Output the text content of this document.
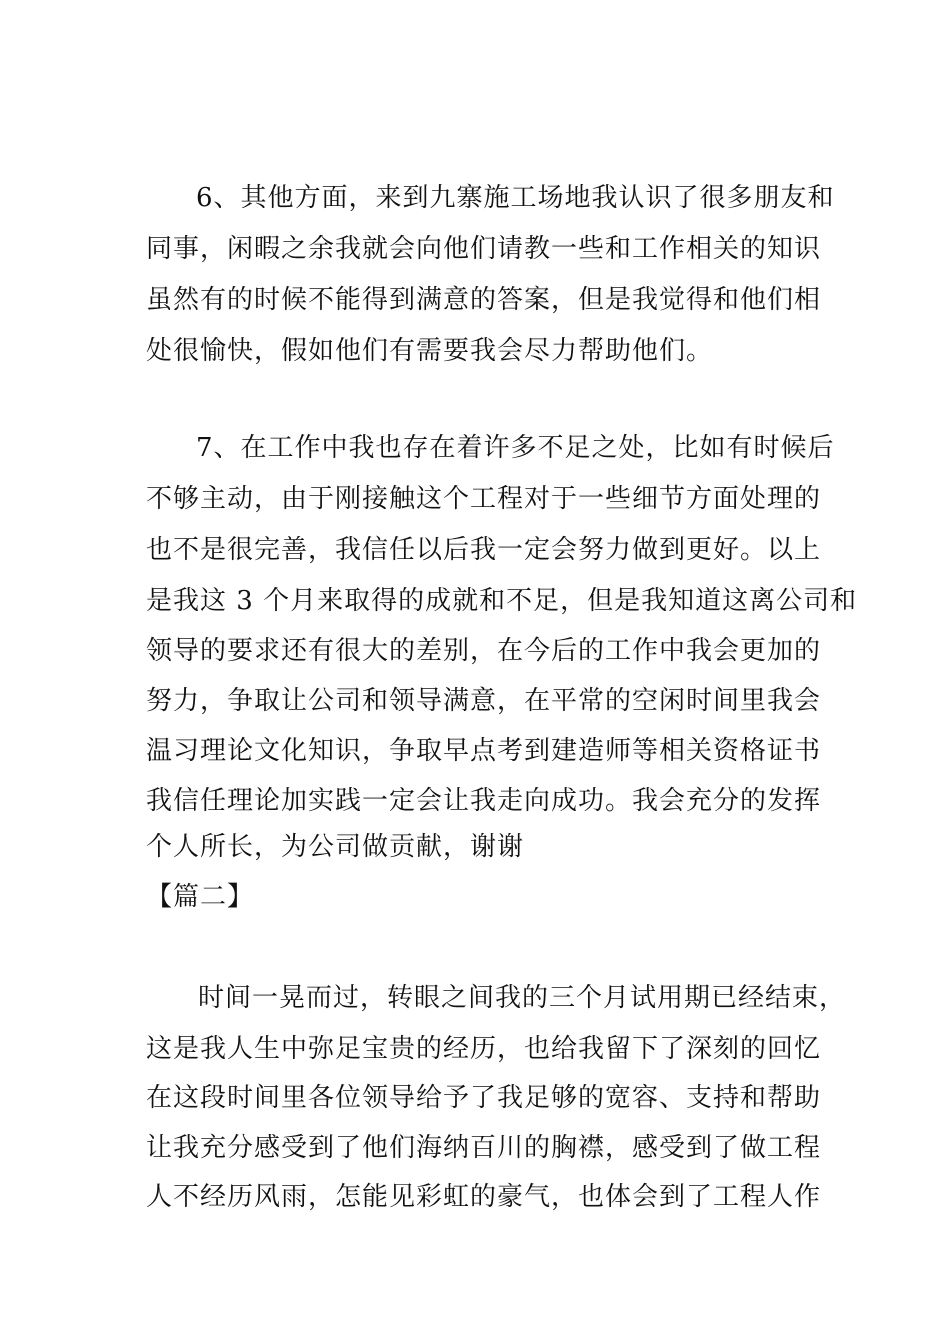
6、其他方面，来到九寨施工场地我认识了很多朋友和
同事，闲暇之余我就会向他们请教一些和工作相关的知识
虽然有的时候不能得到满意的答案，但是我觉得和他们相
处很愉快，假如他们有需要我会尽力帮助他们。
7、在工作中我也存在着许多不足之处，比如有时候后
不够主动，由于刚接触这个工程对于一些细节方面处理的
也不是很完善，我信任以后我一定会努力做到更好。以上
是我这 3 个月来取得的成就和不足，但是我知道这离公司和
领导的要求还有很大的差别，在今后的工作中我会更加的
努力，争取让公司和领导满意，在平常的空闲时间里我会
温习理论文化知识，争取早点考到建造师等相关资格证书
我信任理论加实践一定会让我走向成功。我会充分的发挥
个人所长，为公司做贡献，谢谢
【篇二】
时间一晃而过，转眼之间我的三个月试用期已经结束，
这是我人生中弥足宝贵的经历，也给我留下了深刻的回忆
在这段时间里各位领导给予了我足够的宽容、支持和帮助
让我充分感受到了他们海纳百川的胸襟，感受到了做工程
人不经历风雨，怎能见彩虹的豪气，也体会到了工程人作
